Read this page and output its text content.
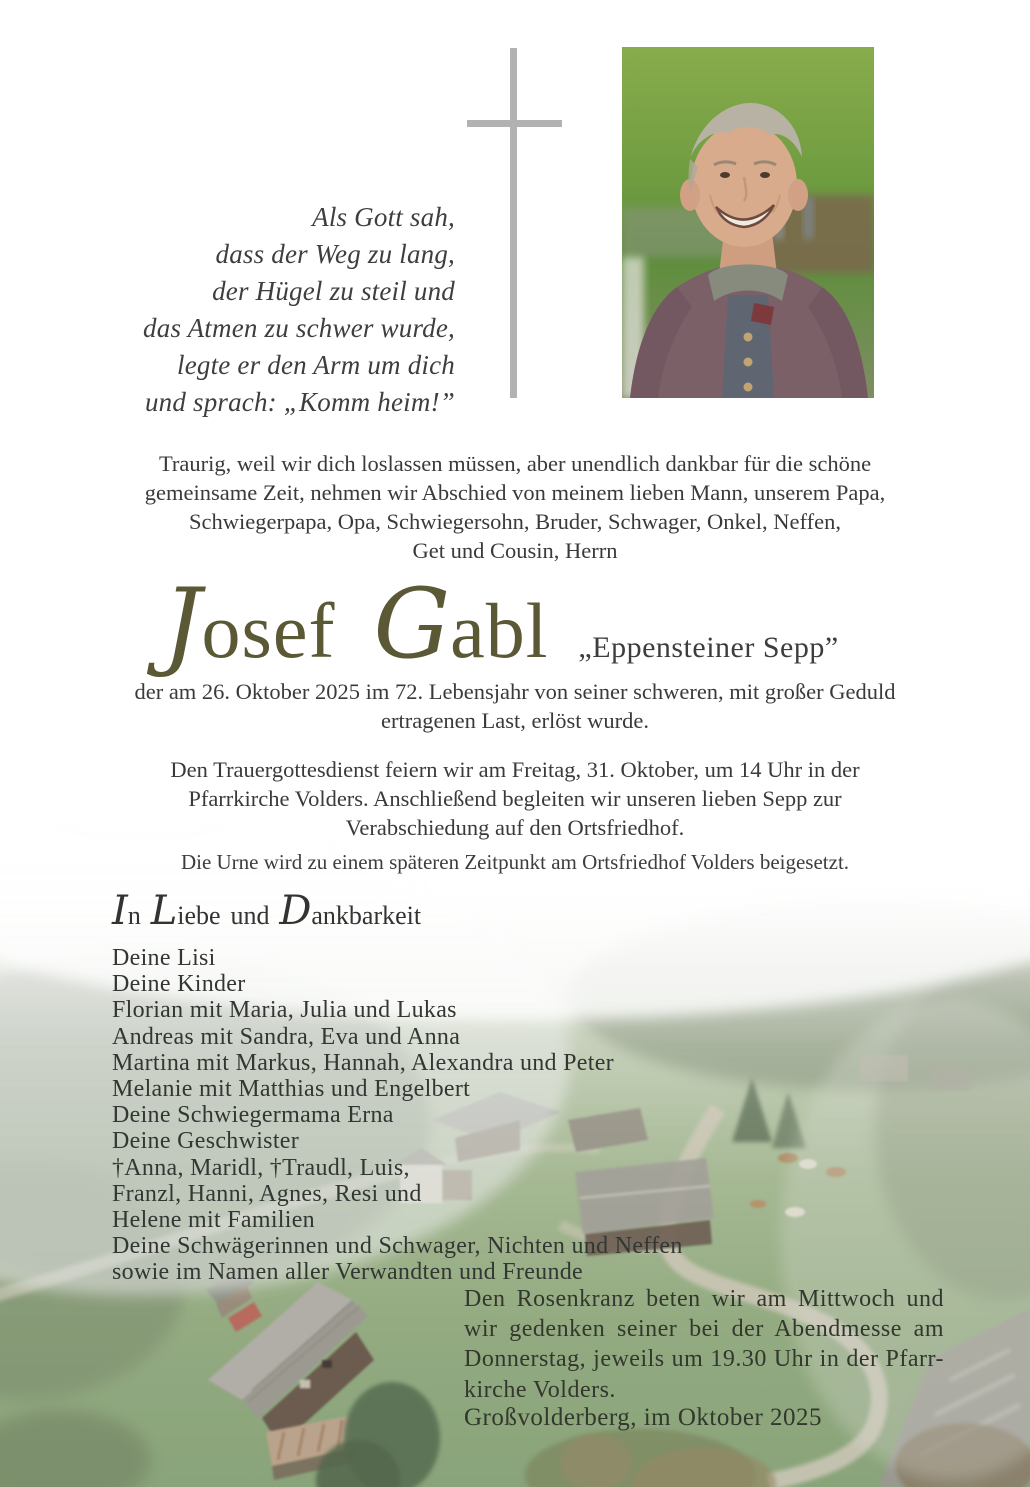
Als Gott sah,
dass der Weg zu lang,
der Hügel zu steil und
das Atmen zu schwer wurde,
legte er den Arm um dich
und sprach: „Komm heim!”
Traurig, weil wir dich loslassen müssen, aber unendlich dankbar für die schöne
gemeinsame Zeit, nehmen wir Abschied von meinem lieben Mann, unserem Papa,
Schwiegerpapa, Opa, Schwiegersohn, Bruder, Schwager, Onkel, Neffen,
Get und Cousin, Herrn
Josef Gabl „Eppensteiner Sepp”
der am 26. Oktober 2025 im 72. Lebensjahr von seiner schweren, mit großer Geduld
ertragenen Last, erlöst wurde.
Den Trauergottesdienst feiern wir am Freitag, 31. Oktober, um 14 Uhr in der
Pfarrkirche Volders. Anschließend begleiten wir unseren lieben Sepp zur
Verabschiedung auf den Ortsfriedhof.
Die Urne wird zu einem späteren Zeitpunkt am Ortsfriedhof Volders beigesetzt.
In Liebe und Dankbarkeit
Deine Lisi
Deine Kinder
Florian mit Maria, Julia und Lukas
Andreas mit Sandra, Eva und Anna
Martina mit Markus, Hannah, Alexandra und Peter
Melanie mit Matthias und Engelbert
Deine Schwiegermama Erna
Deine Geschwister
†Anna, Maridl, †Traudl, Luis,
Franzl, Hanni, Agnes, Resi und
Helene mit Familien
Deine Schwägerinnen und Schwager, Nichten und Neffen
sowie im Namen aller Verwandten und Freunde
Den Rosenkranz beten wir am Mittwoch und
wir gedenken seiner bei der Abendmesse am
Donnerstag, jeweils um 19.30 Uhr in der Pfarr-
kirche Volders.
Großvolderberg, im Oktober 2025
